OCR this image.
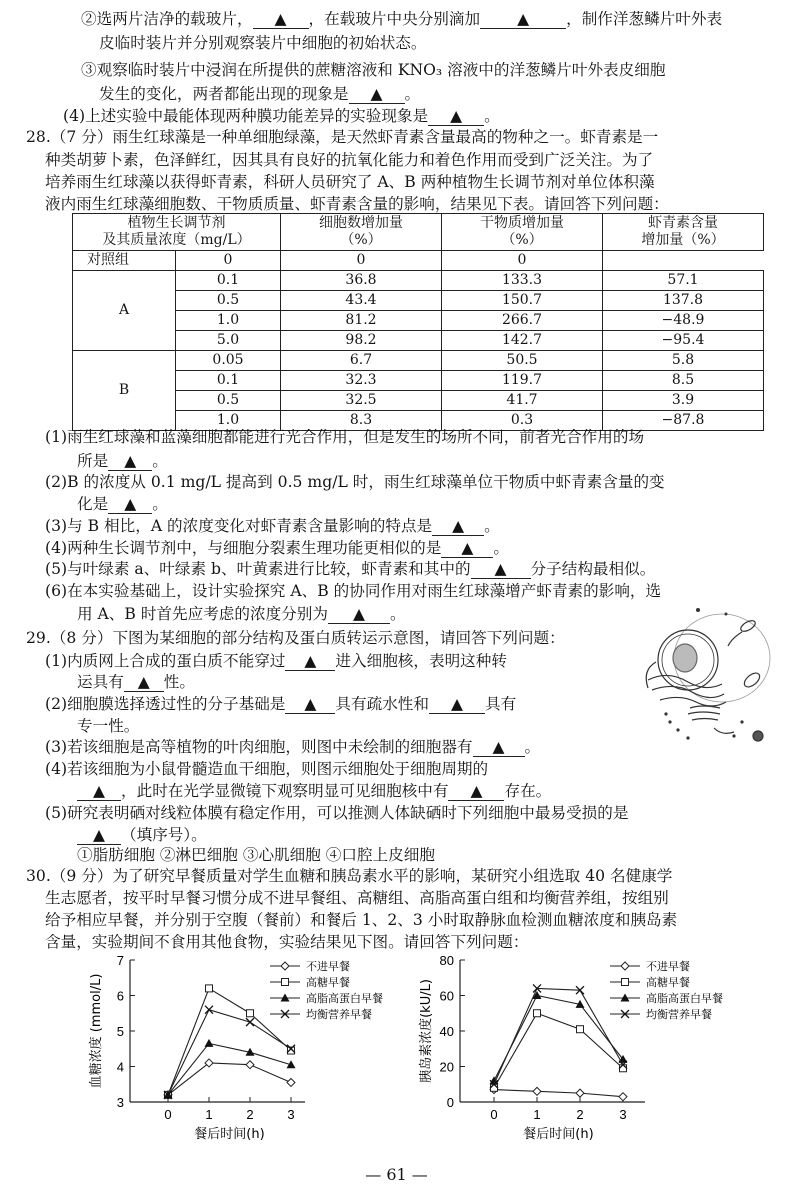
②选两片洁净的载玻片， ▲ ，在载玻片中央分别滴加 ▲ ，制作洋葱鳞片叶外表
皮临时装片并分别观察装片中细胞的初始状态。
③观察临时装片中浸润在所提供的蔗糖溶液和 KNO₃ 溶液中的洋葱鳞片叶外表皮细胞
发生的变化，两者都能出现的现象是 ▲ 。
(4)上述实验中最能体现两种膜功能差异的实验现象是 ▲ 。
28.（7 分）雨生红球藻是一种单细胞绿藻，是天然虾青素含量最高的物种之一。虾青素是一
种类胡萝卜素，色泽鲜红，因其具有良好的抗氧化能力和着色作用而受到广泛关注。为了
培养雨生红球藻以获得虾青素，科研人员研究了 A、B 两种植物生长调节剂对单位体积藻
液内雨生红球藻细胞数、干物质质量、虾青素含量的影响，结果见下表。请回答下列问题：
植物生长调节剂
及其质量浓度（mg/L）		细胞数增加量
（%）	干物质增加量
（%）	虾青素含量
增加量（%）
对照组	0	0	0	
A	0.1	36.8	133.3	57.1
	0.5	43.4	150.7	137.8
	1.0	81.2	266.7	−48.9
	5.0	98.2	142.7	−95.4
B	0.05	6.7	50.5	5.8
	0.1	32.3	119.7	8.5
	0.5	32.5	41.7	3.9
	1.0	8.3	0.3	−87.8
(1)雨生红球藻和蓝藻细胞都能进行光合作用，但是发生的场所不同，前者光合作用的场
所是 ▲ 。
(2)B 的浓度从 0.1 mg/L 提高到 0.5 mg/L 时，雨生红球藻单位干物质中虾青素含量的变
化是 ▲ 。
(3)与 B 相比，A 的浓度变化对虾青素含量影响的特点是 ▲ 。
(4)两种生长调节剂中，与细胞分裂素生理功能更相似的是 ▲ 。
(5)与叶绿素 a、叶绿素 b、叶黄素进行比较，虾青素和其中的 ▲ 分子结构最相似。
(6)在本实验基础上，设计实验探究 A、B 的协同作用对雨生红球藻增产虾青素的影响，选
用 A、B 时首先应考虑的浓度分别为 ▲ 。
29.（8 分）下图为某细胞的部分结构及蛋白质转运示意图，请回答下列问题：
(1)内质网上合成的蛋白质不能穿过 ▲ 进入细胞核，表明这种转
运具有 ▲ 性。
(2)细胞膜选择透过性的分子基础是 ▲ 具有疏水性和 ▲ 具有
专一性。
(3)若该细胞是高等植物的叶肉细胞，则图中未绘制的细胞器有 ▲ 。
(4)若该细胞为小鼠骨髓造血干细胞，则图示细胞处于细胞周期的
▲ ，此时在光学显微镜下观察明显可见细胞核中有 ▲ 存在。
(5)研究表明硒对线粒体膜有稳定作用，可以推测人体缺硒时下列细胞中最易受损的是
▲ （填序号）。
①脂肪细胞 ②淋巴细胞 ③心肌细胞 ④口腔上皮细胞
30.（9 分）为了研究早餐质量对学生血糖和胰岛素水平的影响，某研究小组选取 40 名健康学
生志愿者，按平时早餐习惯分成不进早餐组、高糖组、高脂高蛋白组和均衡营养组，按组别
给予相应早餐，并分别于空腹（餐前）和餐后 1、2、3 小时取静脉血检测血糖浓度和胰岛素
含量，实验期间不食用其他食物，实验结果见下图。请回答下列问题：
3
4
5
6
7
0	1	2	3
餐后时间(h)
血糖浓度 (mmol/L)
不进早餐
高糖早餐
高脂高蛋白早餐
均衡营养早餐
0
20
40
60
80
0	1	2	3
餐后时间(h)
胰岛素浓度(kU/L)
不进早餐
高糖早餐
高脂高蛋白早餐
均衡营养早餐
— 61 —
